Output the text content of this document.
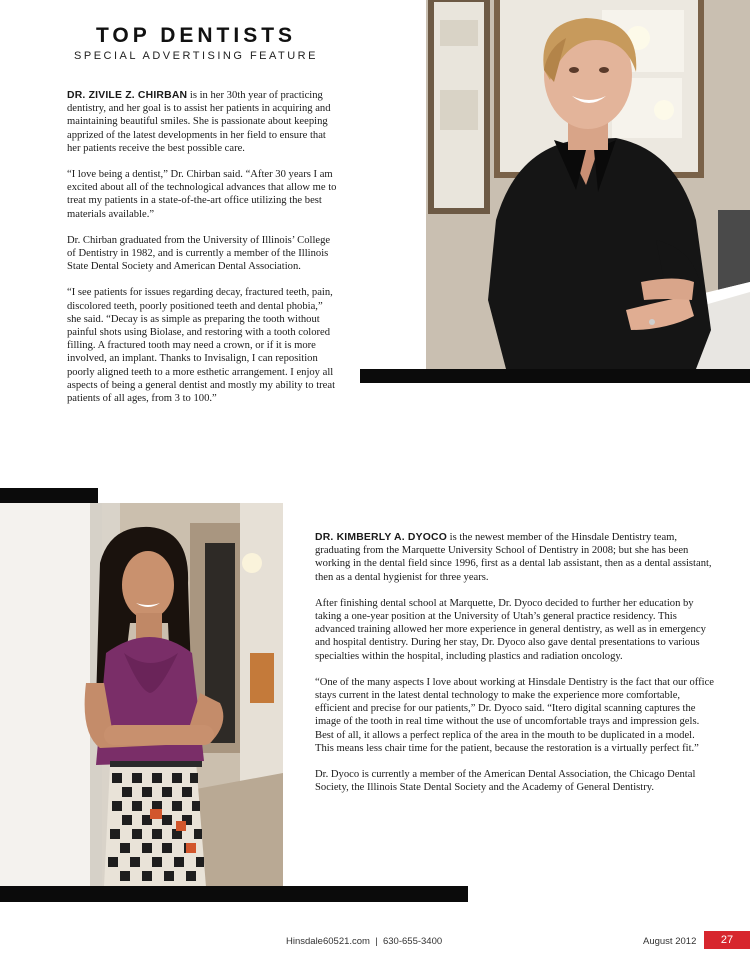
TOP DENTISTS
SPECIAL ADVERTISING FEATURE

DR. ZIVILE Z. CHIRBAN is in her 30th year of practicing dentistry, and her goal is to assist her patients in acquiring and maintaining beautiful smiles. She is passionate about keeping apprized of the latest developments in her field to ensure that her patients receive the best possible care.

“I love being a dentist,” Dr. Chirban said. “After 30 years I am excited about all of the technological advances that allow me to treat my patients in a state-of-the-art office utilizing the best materials available.”

Dr. Chirban graduated from the University of Illinois’ College of Dentistry in 1982, and is currently a member of the Illinois State Dental Society and American Dental Association.

“I see patients for issues regarding decay, fractured teeth, pain, discolored teeth, poorly positioned teeth and dental phobia,” she said. “Decay is as simple as preparing the tooth without painful shots using Biolase, and restoring with a tooth colored filling. A fractured tooth may need a crown, or if it is more involved, an implant. Thanks to Invisalign, I can reposition poorly aligned teeth to a more esthetic arrangement. I enjoy all aspects of being a general dentist and mostly my ability to treat patients of all ages, from 3 to 100.”

DR. KIMBERLY A. DYOCO is the newest member of the Hinsdale Dentistry team, graduating from the Marquette University School of Dentistry in 2008; but she has been working in the dental field since 1996, first as a dental lab assistant, then as a dental assistant, then as a dental hygienist for three years.

After finishing dental school at Marquette, Dr. Dyoco decided to further her education by taking a one-year position at the University of Utah’s general practice residency. This advanced training allowed her more experience in general dentistry, as well as in emergency and hospital dentistry. During her stay, Dr. Dyoco also gave dental presentations to various specialties within the hospital, including plastics and radiation oncology.

“One of the many aspects I love about working at Hinsdale Dentistry is the fact that our office stays current in the latest dental technology to make the experience more comfortable, efficient and precise for our patients,” Dr. Dyoco said. “Itero digital scanning captures the image of the tooth in real time without the use of uncomfortable trays and impression gels. Best of all, it allows a perfect replica of the area in the mouth to be duplicated in a model. This means less chair time for the patient, because the restoration is a virtually perfect fit.”

Dr. Dyoco is currently a member of the American Dental Association, the Chicago Dental Society, the Illinois State Dental Society and the Academy of General Dentistry.

Hinsdale60521.com  |  630-655-3400	August 2012	27
